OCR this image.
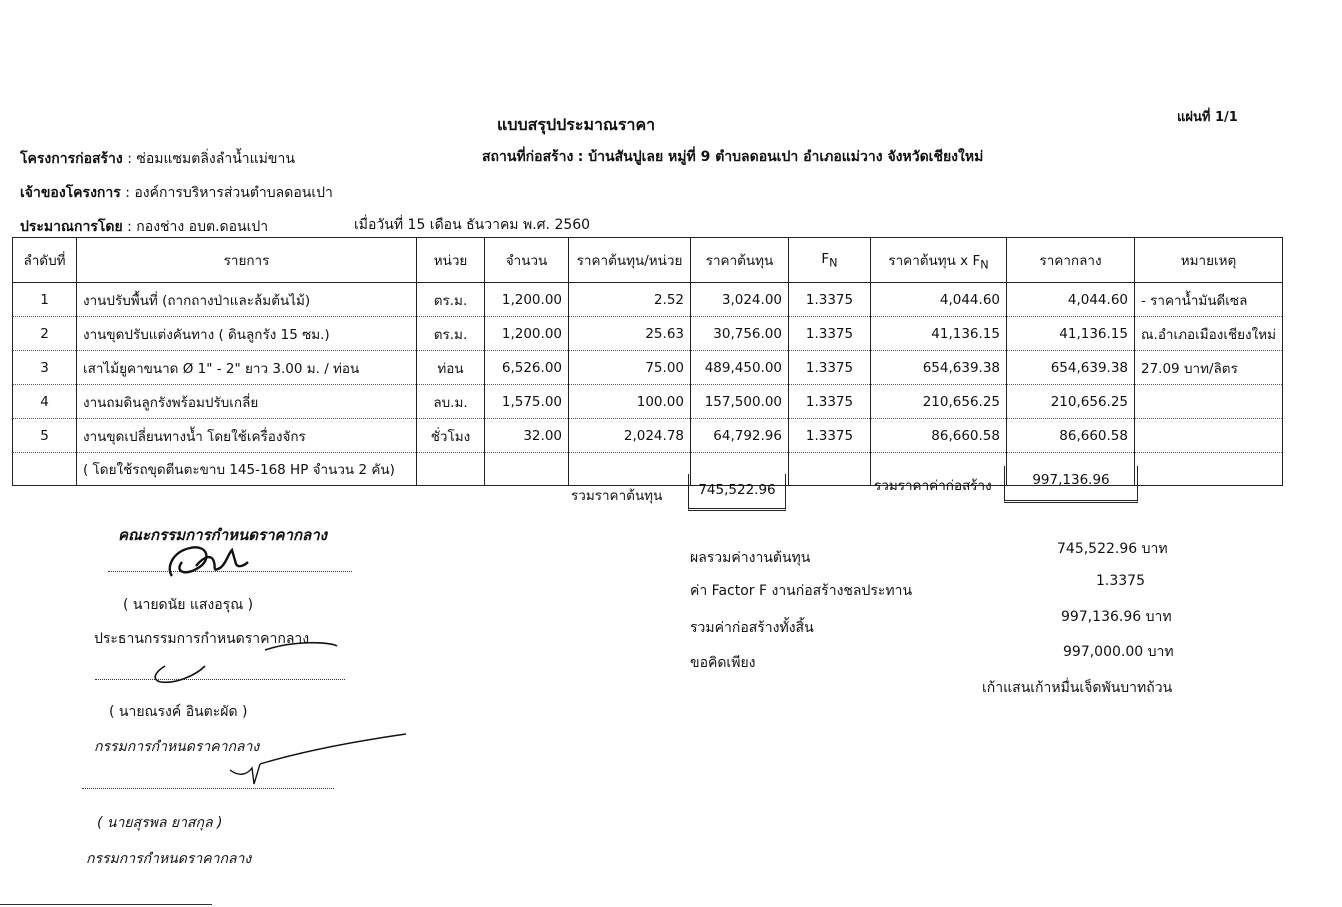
แบบสรุปประมาณราคา	แผ่นที่ 1/1
โครงการก่อสร้าง : ซ่อมแซมตลิ่งลำน้ำแม่ขาน	สถานที่ก่อสร้าง : บ้านสันปูเลย หมู่ที่ 9 ตำบลดอนเปา อำเภอแม่วาง จังหวัดเชียงใหม่
เจ้าของโครงการ : องค์การบริหารส่วนตำบลดอนเปา
ประมาณการโดย : กองช่าง อบต.ดอนเปา	เมื่อวันที่ 15 เดือน ธันวาคม พ.ศ. 2560
ลำดับที่	รายการ	หน่วย	จำนวน	ราคาต้นทุน/หน่วย	ราคาต้นทุน	$F_N$	ราคาต้นทุน x $F_N$	ราคากลาง	หมายเหตุ
1	งานปรับพื้นที่ (ถากถางป่าและล้มต้นไม้)	ตร.ม.	1,200.00	2.52	3,024.00	1.3375	4,044.60	4,044.60	- ราคาน้ำมันดีเซล
2	งานขุดปรับแต่งคันทาง ( ดินลูกรัง 15 ซม.)	ตร.ม.	1,200.00	25.63	30,756.00	1.3375	41,136.15	41,136.15	ณ.อำเภอเมืองเชียงใหม่
3	เสาไม้ยูคาขนาด Ø 1" - 2" ยาว 3.00 ม. / ท่อน	ท่อน	6,526.00	75.00	489,450.00	1.3375	654,639.38	654,639.38	27.09 บาท/ลิตร
4	งานถมดินลูกรังพร้อมปรับเกลี่ย	ลบ.ม.	1,575.00	100.00	157,500.00	1.3375	210,656.25	210,656.25	
5	งานขุดเปลี่ยนทางน้ำ โดยใช้เครื่องจักร	ชั่วโมง	32.00	2,024.78	64,792.96	1.3375	86,660.58	86,660.58	
	( โดยใช้รถขุดตีนตะขาบ 145-168 HP จำนวน 2 คัน)								
รวมราคาต้นทุน	745,522.96	รวมราคาค่าก่อสร้าง	997,136.96
คณะกรรมการกำหนดราคากลาง
( นายดนัย แสงอรุณ )
ประธานกรรมการกำหนดราคากลาง
( นายณรงค์ อินตะผัด )
กรรมการกำหนดราคากลาง
( นายสุรพล ยาสกุล )
กรรมการกำหนดราคากลาง
ผลรวมค่างานต้นทุน
745,522.96 บาท
ค่า Factor F งานก่อสร้างชลประทาน
1.3375
รวมค่าก่อสร้างทั้งสิ้น
997,136.96 บาท
ขอคิดเพียง
997,000.00 บาท
เก้าแสนเก้าหมื่นเจ็ดพันบาทถ้วน
